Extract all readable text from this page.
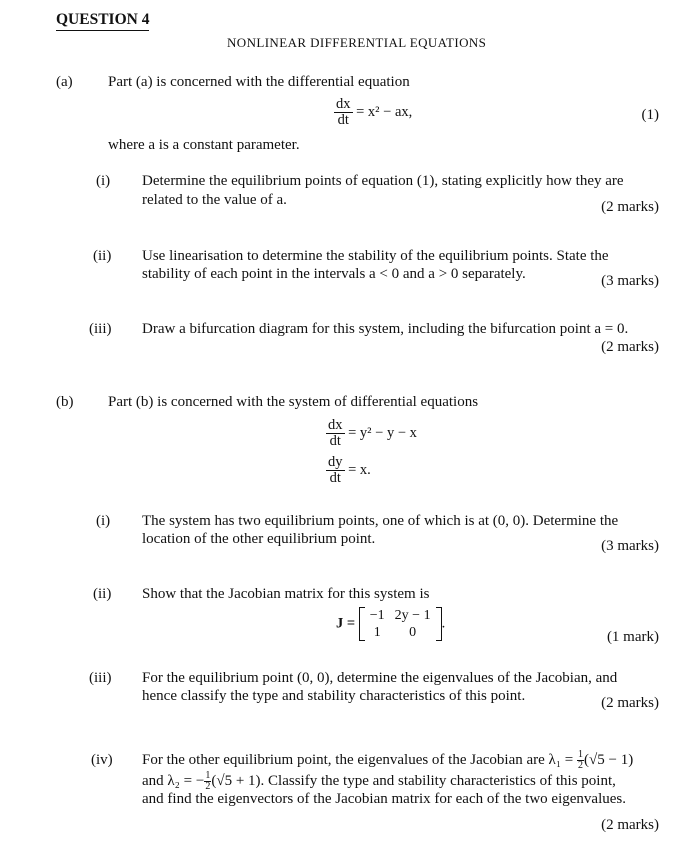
QUESTION 4
NONLINEAR DIFFERENTIAL EQUATIONS
(a) Part (a) is concerned with the differential equation
$\frac{dx}{dt} = x^2$ − ax,	(1)
where a is a constant parameter.
(i) Determine the equilibrium points of equation (1), stating explicitly how they are
related to the value of a.	(2 marks)
(ii) Use linearisation to determine the stability of the equilibrium points. State the
stability of each point in the intervals a < 0 and a > 0 separately.	(3 marks)
(iii) Draw a bifurcation diagram for this system, including the bifurcation point a = 0.
(2 marks)
(b) Part (b) is concerned with the system of differential equations
$\frac{dx}{dt} = y^2 - y - x$
$\frac{dy}{dt} = x$.
(i) The system has two equilibrium points, one of which is at (0, 0). Determine the
location of the other equilibrium point.	(3 marks)
(ii) Show that the Jacobian matrix for this system is
J = −1	2y − 1
1	0
.
(1 mark)
(iii) For the equilibrium point (0, 0), determine the eigenvalues of the Jacobian, and
hence classify the type and stability characteristics of this point.	(2 marks)
(iv) For the other equilibrium point, the eigenvalues of the Jacobian are $\lambda_1 = \frac{1}{2} (√5 - 1)$
and λ₂ = − $\frac{1}{2} (√5 + 1)$. Classify the type and stability characteristics of this point,
and find the eigenvectors of the Jacobian matrix for each of the two eigenvalues.
(2 marks)
